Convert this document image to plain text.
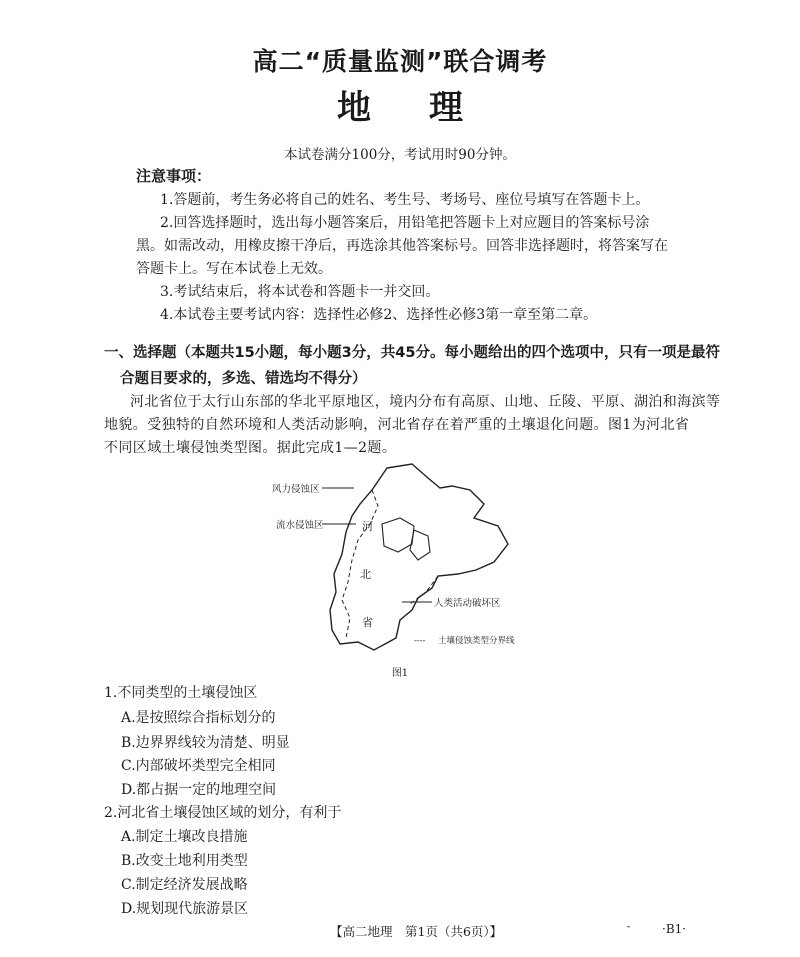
高二“质量监测”联合调考
地理
本试卷满分100分，考试用时90分钟。
注意事项：
1.答题前，考生务必将自己的姓名、考生号、考场号、座位号填写在答题卡上。
2.回答选择题时，选出每小题答案后，用铅笔把答题卡上对应题目的答案标号涂
黑。如需改动，用橡皮擦干净后，再选涂其他答案标号。回答非选择题时，将答案写在
答题卡上。写在本试卷上无效。
3.考试结束后，将本试卷和答题卡一并交回。
4.本试卷主要考试内容：选择性必修2、选择性必修3第一章至第二章。
一、选择题（本题共15小题，每小题3分，共45分。每小题给出的四个选项中，只有一项是最符
合题目要求的，多选、错选均不得分）
河北省位于太行山东部的华北平原地区，境内分布有高原、山地、丘陵、平原、湖泊和海滨等
地貌。受独特的自然环境和人类活动影响，河北省存在着严重的土壤退化问题。图1为河北省
不同区域土壤侵蚀类型图。据此完成1—2题。
风力侵蚀区
流水侵蚀区
人类活动破坏区
河
北
省
---- 土壤侵蚀类型分界线
图1
1.不同类型的土壤侵蚀区
A.是按照综合指标划分的
B.边界界线较为清楚、明显
C.内部破坏类型完全相同
D.都占据一定的地理空间
2.河北省土壤侵蚀区域的划分，有利于
A.制定土壤改良措施
B.改变土地利用类型
C.制定经济发展战略
D.规划现代旅游景区
【高二地理　第1页（共6页）】	ˉ	·B1·
